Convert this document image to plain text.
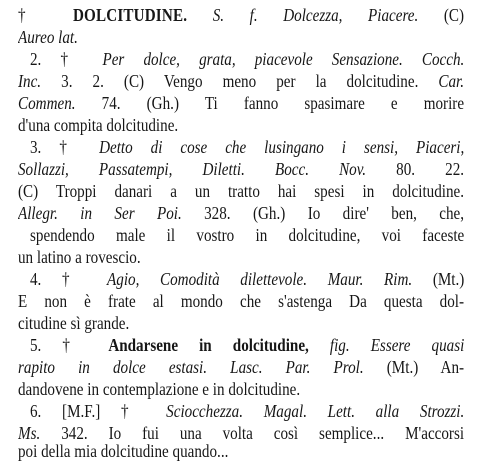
† DOLCITUDINE. S. f. Dolcezza, Piacere. (C)
Aureo lat.
2. † Per dolce, grata, piacevole Sensazione. Cocch.
Inc. 3. 2. (C) Vengo meno per la dolcitudine. Car.
Commen. 74. (Gh.) Ti fanno spasimare e morire
d'una compita dolcitudine.
3. † Detto di cose che lusingano i sensi, Piaceri,
Sollazzi, Passatempi, Diletti. Bocc. Nov. 80. 22.
(C) Troppi danari a un tratto hai spesi in dolcitudine.
Allegr. in Ser Poi. 328. (Gh.) Io dire' ben, che,
spendendo male il vostro in dolcitudine, voi faceste
un latino a rovescio.
4. † Agio, Comodità dilettevole. Maur. Rim. (Mt.)
E non è frate al mondo che s'astenga Da questa dol-
citudine sì grande.
5. † Andarsene in dolcitudine, fig. Essere quasi
rapito in dolce estasi. Lasc. Par. Prol. (Mt.) An-
dandovene in contemplazione e in dolcitudine.
6. [M.F.] † Sciocchezza. Magal. Lett. alla Strozzi.
Ms. 342. Io fui una volta così semplice... M'accorsi
poi della mia dolcitudine quando...
